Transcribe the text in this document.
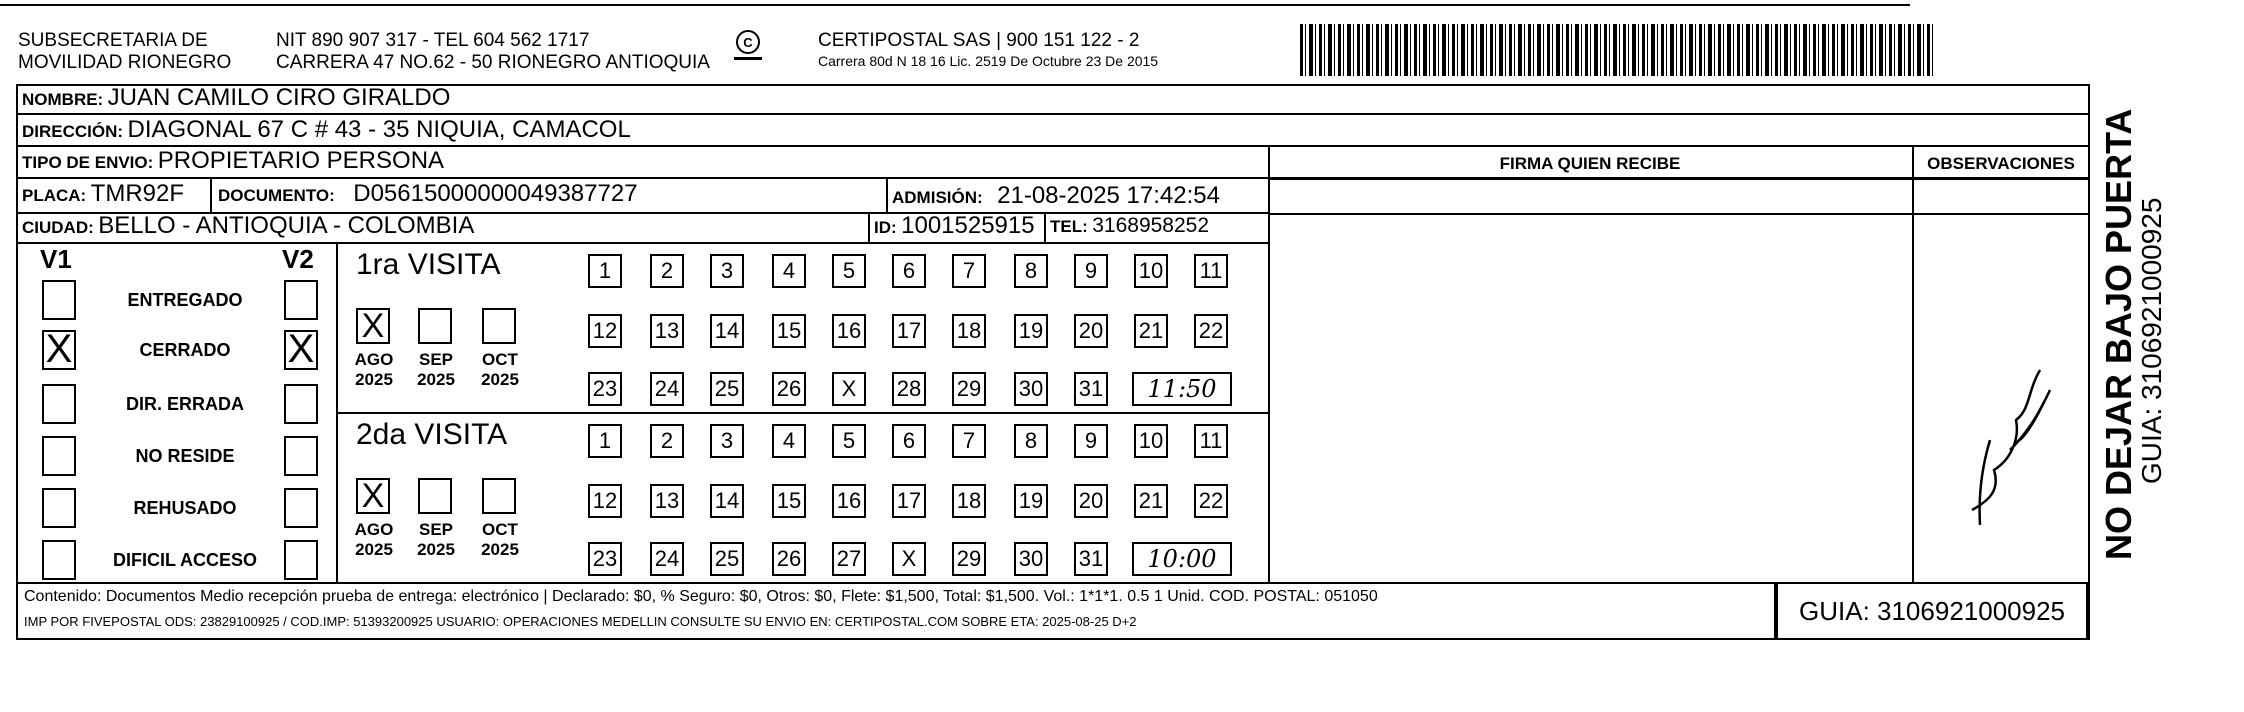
SUBSECRETARIA DE
MOVILIDAD RIONEGRO
NIT 890 907 317 - TEL 604 562 1717
CARRERA 47 NO.62 - 50 RIONEGRO ANTIOQUIA
C	CERTIPOSTAL SAS | 900 151 122 - 2
Carrera 80d N 18 16 Lic. 2519 De Octubre 23 De 2015
NOMBRE: JUAN CAMILO CIRO GIRALDO
DIRECCIÓN: DIAGONAL 67 C # 43 - 35 NIQUIA, CAMACOL
TIPO DE ENVIO: PROPIETARIO PERSONA	FIRMA QUIEN RECIBE	OBSERVACIONES
PLACA: TMR92F DOCUMENTO: D05615000000049387727	ADMISIÓN: 21-08-2025 17:42:54
CIUDAD: BELLO - ANTIOQUIA - COLOMBIA	ID: 1001525915 TEL: 3168958252
V1	V2
ENTREGADO
X	CERRADO	X
DIR. ERRADA
NO RESIDE
REHUSADO
DIFICIL ACCESO
1ra VISITA
X
AGO
2025
SEP
2025
OCT
2025
1	2	3	4	5	6	7	8	9	10 11
12 13 14 15 16 17 18 19 20 21 22
23 24 25 26	X	28 29 30 31	11:50
2da VISITA
X
AGO
2025
SEP
2025
OCT
2025
1	2	3	4	5	6	7	8	9	10 11
12 13 14 15 16 17 18 19 20 21 22
23 24 25 26 27	X	29 30 31	10:00
Contenido: Documentos Medio recepción prueba de entrega: electrónico | Declarado: $0, % Seguro: $0, Otros: $0, Flete: $1,500, Total: $1,500. Vol.: 1*1*1. 0.5 1 Unid. COD. POSTAL: 051050
IMP POR FIVEPOSTAL ODS: 23829100925 / COD.IMP: 51393200925 USUARIO: OPERACIONES MEDELLIN CONSULTE SU ENVIO EN: CERTIPOSTAL.COM SOBRE ETA: 2025-08-25 D+2	GUIA: 3106921000925
NO DEJAR BAJO PUERTA
GUIA: 3106921000925
